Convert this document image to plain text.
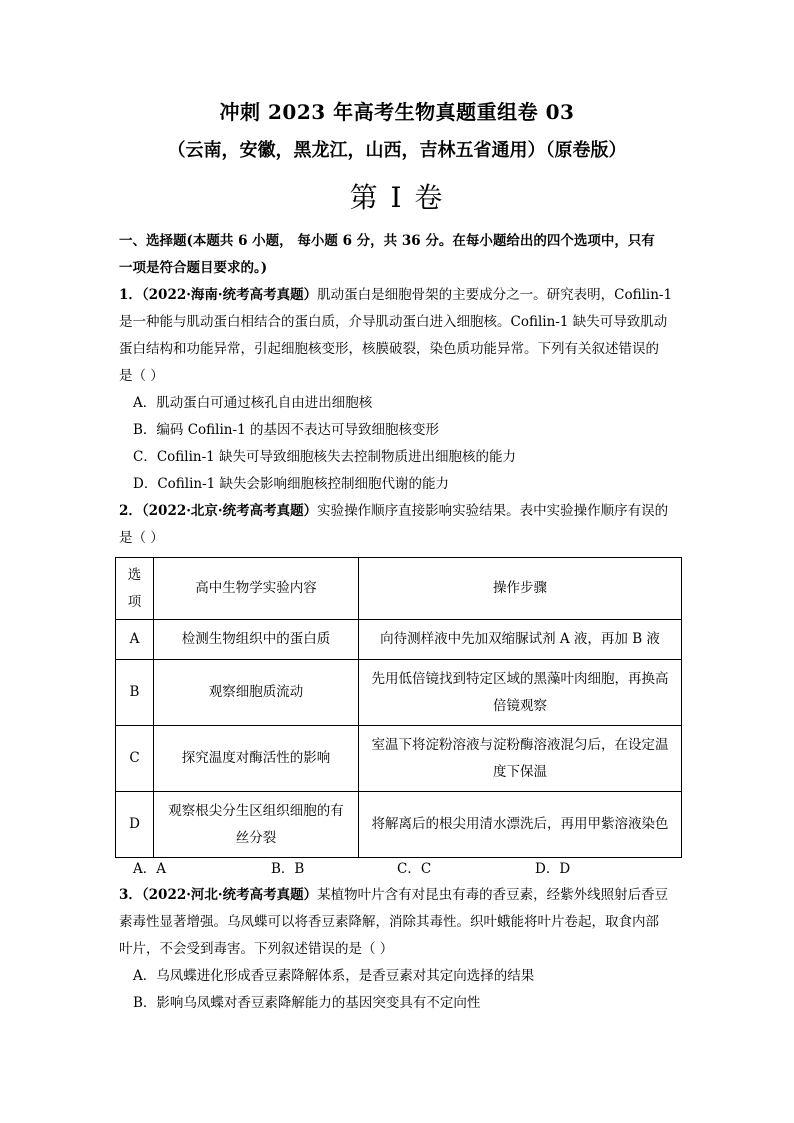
冲刺 2023 年高考生物真题重组卷 03
（云南，安徽，黑龙江，山西，吉林五省通用）（原卷版）
第 I 卷

一、选择题(本题共 6 小题， 每小题 6 分，共 36 分。在每小题给出的四个选项中，只有

一项是符合题目要求的。)

1．（2022·海南·统考高考真题）肌动蛋白是细胞骨架的主要成分之一。研究表明，Cofilin-1

是一种能与肌动蛋白相结合的蛋白质，介导肌动蛋白进入细胞核。Cofilin-1 缺失可导致肌动

蛋白结构和功能异常，引起细胞核变形，核膜破裂，染色质功能异常。下列有关叙述错误的

是（ ）

A．肌动蛋白可通过核孔自由进出细胞核

B．编码 Cofilin-1 的基因不表达可导致细胞核变形

C．Cofilin-1 缺失可导致细胞核失去控制物质进出细胞核的能力

D．Cofilin-1 缺失会影响细胞核控制细胞代谢的能力

2．（2022·北京·统考高考真题）实验操作顺序直接影响实验结果。表中实验操作顺序有误的

是（ ）

选
项	高中生物学实验内容	操作步骤
A	检测生物组织中的蛋白质	向待测样液中先加双缩脲试剂 A 液，再加 B 液
B	观察细胞质流动	先用低倍镜找到特定区域的黑藻叶肉细胞，再换高
倍镜观察
C	探究温度对酶活性的影响	室温下将淀粉溶液与淀粉酶溶液混匀后，在设定温
度下保温
D	观察根尖分生区组织细胞的有
丝分裂	将解离后的根尖用清水漂洗后，再用甲紫溶液染色
A．A	B．B	C．C	D．D

3．（2022·河北·统考高考真题）某植物叶片含有对昆虫有毒的香豆素，经紫外线照射后香豆

素毒性显著增强。乌凤蝶可以将香豆素降解，消除其毒性。织叶蛾能将叶片卷起，取食内部

叶片，不会受到毒害。下列叙述错误的是（ ）

A．乌凤蝶进化形成香豆素降解体系，是香豆素对其定向选择的结果

B．影响乌凤蝶对香豆素降解能力的基因突变具有不定向性
